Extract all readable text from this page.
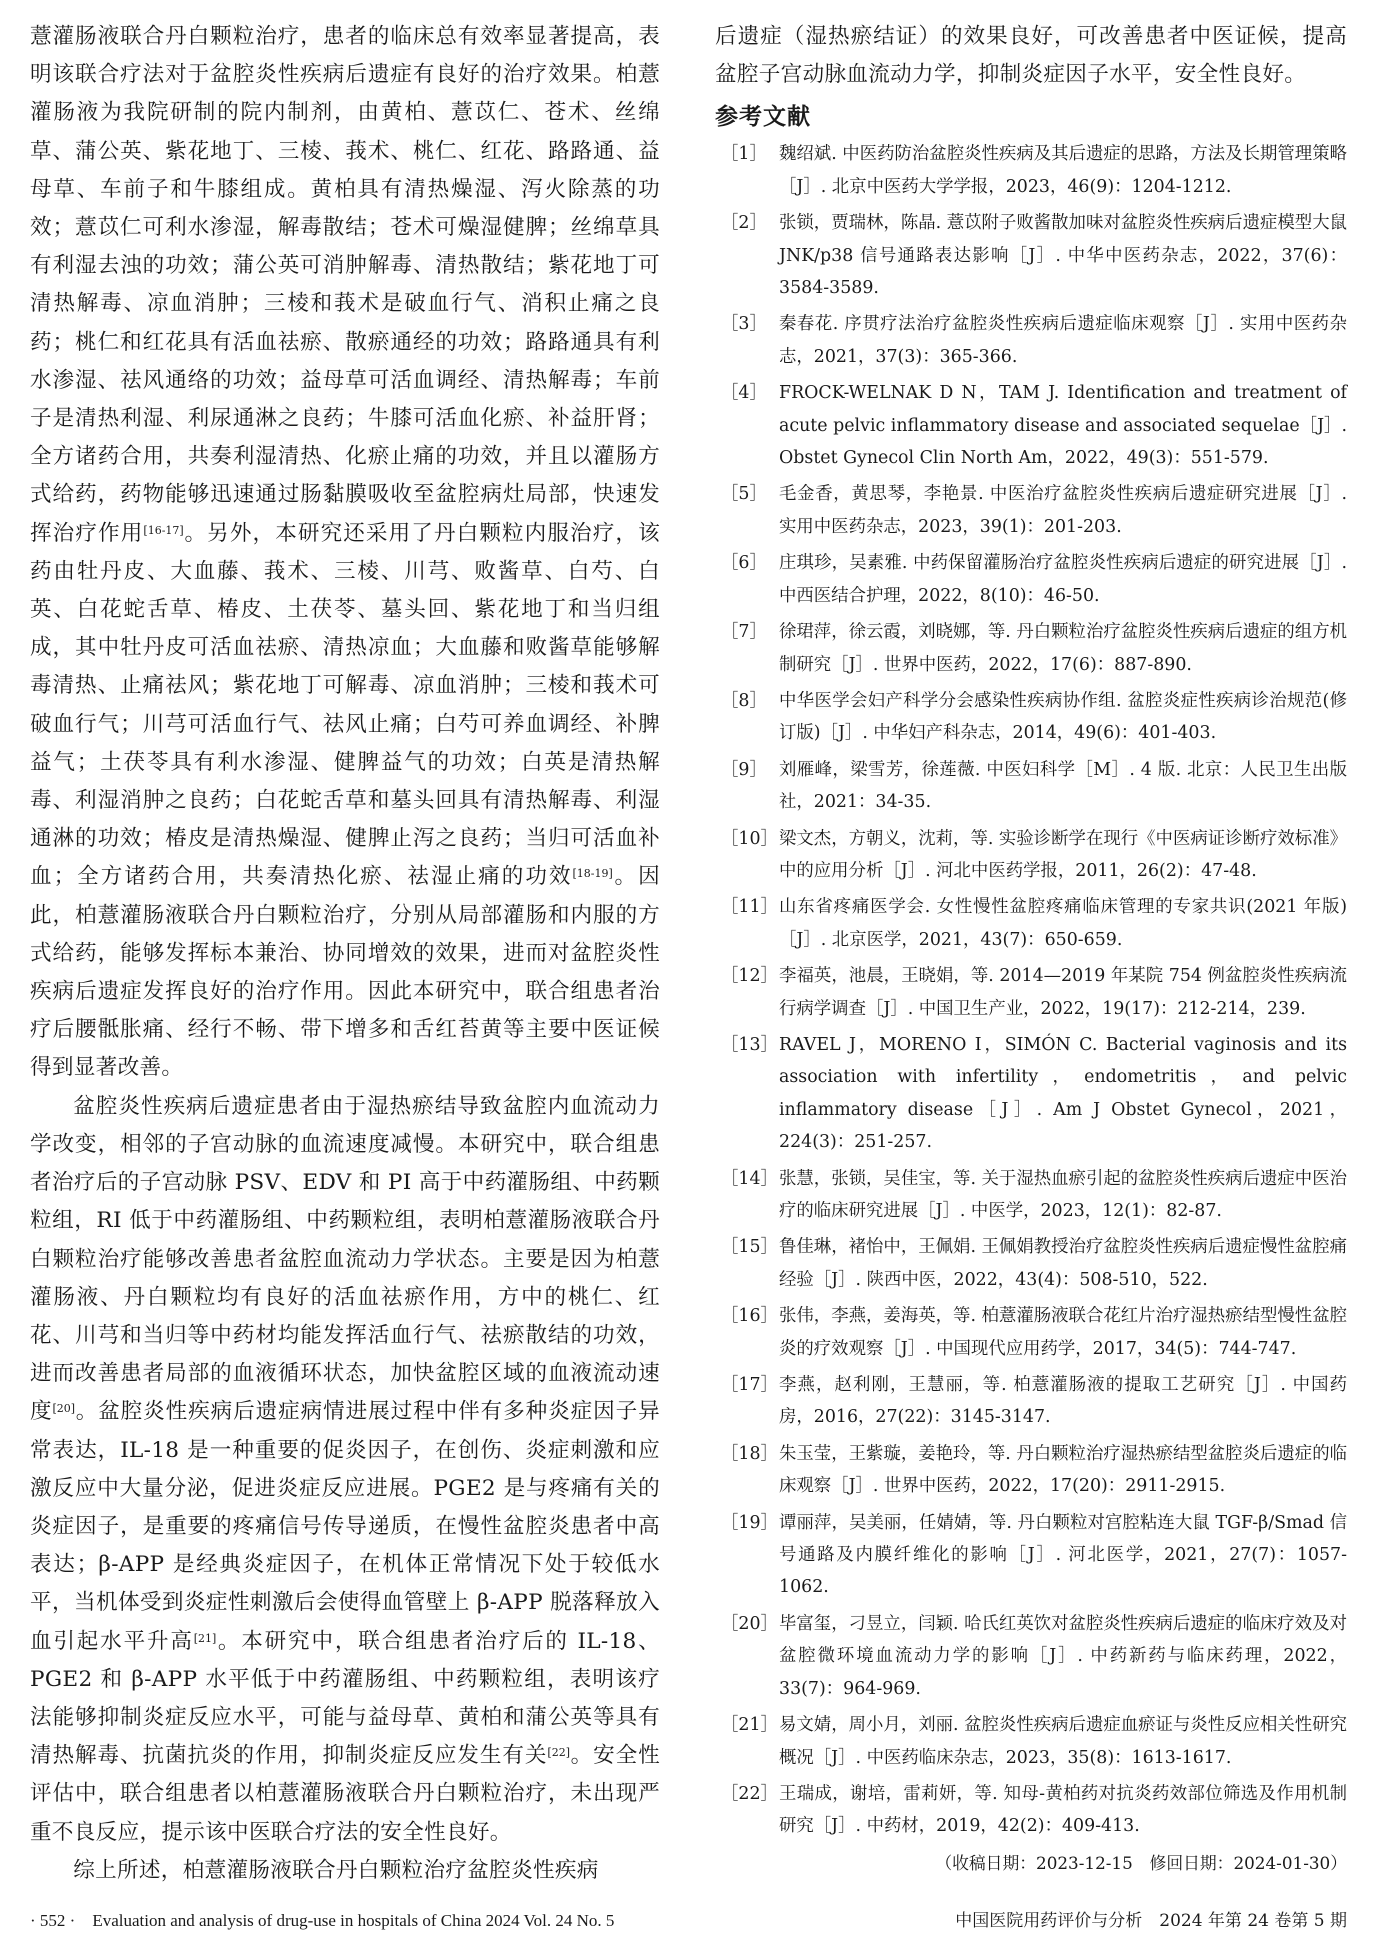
薏灌肠液联合丹白颗粒治疗，患者的临床总有效率显著提高，表明该联合疗法对于盆腔炎性疾病后遗症有良好的治疗效果。柏薏灌肠液为我院研制的院内制剂，由黄柏、薏苡仁、苍术、丝绵草、蒲公英、紫花地丁、三棱、莪术、桃仁、红花、路路通、益母草、车前子和牛膝组成。黄柏具有清热燥湿、泻火除蒸的功效；薏苡仁可利水渗湿，解毒散结；苍术可燥湿健脾；丝绵草具有利湿去浊的功效；蒲公英可消肿解毒、清热散结；紫花地丁可清热解毒、凉血消肿；三棱和莪术是破血行气、消积止痛之良药；桃仁和红花具有活血祛瘀、散瘀通经的功效；路路通具有利水渗湿、祛风通络的功效；益母草可活血调经、清热解毒；车前子是清热利湿、利尿通淋之良药；牛膝可活血化瘀、补益肝肾；全方诸药合用，共奏利湿清热、化瘀止痛的功效，并且以灌肠方式给药，药物能够迅速通过肠黏膜吸收至盆腔病灶局部，快速发挥治疗作用[16-17]。另外，本研究还采用了丹白颗粒内服治疗，该药由牡丹皮、大血藤、莪术、三棱、川芎、败酱草、白芍、白英、白花蛇舌草、椿皮、土茯苓、墓头回、紫花地丁和当归组成，其中牡丹皮可活血祛瘀、清热凉血；大血藤和败酱草能够解毒清热、止痛祛风；紫花地丁可解毒、凉血消肿；三棱和莪术可破血行气；川芎可活血行气、祛风止痛；白芍可养血调经、补脾益气；土茯苓具有利水渗湿、健脾益气的功效；白英是清热解毒、利湿消肿之良药；白花蛇舌草和墓头回具有清热解毒、利湿通淋的功效；椿皮是清热燥湿、健脾止泻之良药；当归可活血补血；全方诸药合用，共奏清热化瘀、祛湿止痛的功效[18-19]。因此，柏薏灌肠液联合丹白颗粒治疗，分别从局部灌肠和内服的方式给药，能够发挥标本兼治、协同增效的效果，进而对盆腔炎性疾病后遗症发挥良好的治疗作用。因此本研究中，联合组患者治疗后腰骶胀痛、经行不畅、带下增多和舌红苔黄等主要中医证候得到显著改善。

盆腔炎性疾病后遗症患者由于湿热瘀结导致盆腔内血流动力学改变，相邻的子宫动脉的血流速度减慢。本研究中，联合组患者治疗后的子宫动脉 PSV、EDV 和 PI 高于中药灌肠组、中药颗粒组，RI 低于中药灌肠组、中药颗粒组，表明柏薏灌肠液联合丹白颗粒治疗能够改善患者盆腔血流动力学状态。主要是因为柏薏灌肠液、丹白颗粒均有良好的活血祛瘀作用，方中的桃仁、红花、川芎和当归等中药材均能发挥活血行气、祛瘀散结的功效，进而改善患者局部的血液循环状态，加快盆腔区域的血液流动速度[20]。盆腔炎性疾病后遗症病情进展过程中伴有多种炎症因子异常表达，IL-18 是一种重要的促炎因子，在创伤、炎症刺激和应激反应中大量分泌，促进炎症反应进展。PGE2 是与疼痛有关的炎症因子，是重要的疼痛信号传导递质，在慢性盆腔炎患者中高表达；β-APP 是经典炎症因子，在机体正常情况下处于较低水平，当机体受到炎症性刺激后会使得血管壁上 β-APP 脱落释放入血引起水平升高[21]。本研究中，联合组患者治疗后的 IL-18、PGE2 和 β-APP 水平低于中药灌肠组、中药颗粒组，表明该疗法能够抑制炎症反应水平，可能与益母草、黄柏和蒲公英等具有清热解毒、抗菌抗炎的作用，抑制炎症反应发生有关[22]。安全性评估中，联合组患者以柏薏灌肠液联合丹白颗粒治疗，未出现严重不良反应，提示该中医联合疗法的安全性良好。

综上所述，柏薏灌肠液联合丹白颗粒治疗盆腔炎性疾病

后遗症（湿热瘀结证）的效果良好，可改善患者中医证候，提高盆腔子宫动脉血流动力学，抑制炎症因子水平，安全性良好。

参考文献
［1］ 魏绍斌. 中医药防治盆腔炎性疾病及其后遗症的思路，方法及长期管理策略［J］. 北京中医药大学学报，2023，46(9)：1204-1212.
［2］ 张锁，贾瑞林，陈晶. 薏苡附子败酱散加味对盆腔炎性疾病后遗症模型大鼠 JNK/p38 信号通路表达影响［J］. 中华中医药杂志，2022，37(6)：3584-3589.
［3］ 秦春花. 序贯疗法治疗盆腔炎性疾病后遗症临床观察［J］. 实用中医药杂志，2021，37(3)：365-366.
［4］ FROCK-WELNAK D N，TAM J. Identification and treatment of acute pelvic inflammatory disease and associated sequelae［J］. Obstet Gynecol Clin North Am，2022，49(3)：551-579.
［5］ 毛金香，黄思琴，李艳景. 中医治疗盆腔炎性疾病后遗症研究进展［J］. 实用中医药杂志，2023，39(1)：201-203.
［6］ 庄琪珍，吴素雅. 中药保留灌肠治疗盆腔炎性疾病后遗症的研究进展［J］. 中西医结合护理，2022，8(10)：46-50.
［7］ 徐珺萍，徐云霞，刘晓娜，等. 丹白颗粒治疗盆腔炎性疾病后遗症的组方机制研究［J］. 世界中医药，2022，17(6)：887-890.
［8］ 中华医学会妇产科学分会感染性疾病协作组. 盆腔炎症性疾病诊治规范(修订版)［J］. 中华妇产科杂志，2014，49(6)：401-403.
［9］ 刘雁峰，梁雪芳，徐莲薇. 中医妇科学［M］. 4 版. 北京：人民卫生出版社，2021：34-35.
［10］ 梁文杰，方朝义，沈莉，等. 实验诊断学在现行《中医病证诊断疗效标准》中的应用分析［J］. 河北中医药学报，2011，26(2)：47-48.
［11］ 山东省疼痛医学会. 女性慢性盆腔疼痛临床管理的专家共识(2021 年版)［J］. 北京医学，2021，43(7)：650-659.
［12］ 李福英，池晨，王晓娟，等. 2014—2019 年某院 754 例盆腔炎性疾病流行病学调查［J］. 中国卫生产业，2022，19(17)：212-214，239.
［13］ RAVEL J，MORENO I，SIMÓN C. Bacterial vaginosis and its association with infertility，endometritis，and pelvic inflammatory disease［J］. Am J Obstet Gynecol，2021，224(3)：251-257.
［14］ 张慧，张锁，吴佳宝，等. 关于湿热血瘀引起的盆腔炎性疾病后遗症中医治疗的临床研究进展［J］. 中医学，2023，12(1)：82-87.
［15］ 鲁佳琳，褚怡中，王佩娟. 王佩娟教授治疗盆腔炎性疾病后遗症慢性盆腔痛经验［J］. 陕西中医，2022，43(4)：508-510，522.
［16］ 张伟，李燕，姜海英，等. 柏薏灌肠液联合花红片治疗湿热瘀结型慢性盆腔炎的疗效观察［J］. 中国现代应用药学，2017，34(5)：744-747.
［17］ 李燕，赵利刚，王慧丽，等. 柏薏灌肠液的提取工艺研究［J］. 中国药房，2016，27(22)：3145-3147.
［18］ 朱玉莹，王紫璇，姜艳玲，等. 丹白颗粒治疗湿热瘀结型盆腔炎后遗症的临床观察［J］. 世界中医药，2022，17(20)：2911-2915.
［19］ 谭丽萍，吴美丽，任婧婧，等. 丹白颗粒对宫腔粘连大鼠 TGF-β/Smad 信号通路及内膜纤维化的影响［J］. 河北医学，2021，27(7)：1057-1062.
［20］ 毕富玺，刁昱立，闫颖. 哈氏红英饮对盆腔炎性疾病后遗症的临床疗效及对盆腔微环境血流动力学的影响［J］. 中药新药与临床药理，2022，33(7)：964-969.
［21］ 易文婧，周小月，刘丽. 盆腔炎性疾病后遗症血瘀证与炎性反应相关性研究概况［J］. 中医药临床杂志，2023，35(8)：1613-1617.
［22］ 王瑞成，谢培，雷莉妍，等. 知母-黄柏药对抗炎药效部位筛选及作用机制研究［J］. 中药材，2019，42(2)：409-413.
（收稿日期：2023-12-15　修回日期：2024-01-30）
· 552 ·　Evaluation and analysis of drug-use in hospitals of China 2024 Vol. 24 No. 5	中国医院用药评价与分析　2024 年第 24 卷第 5 期
